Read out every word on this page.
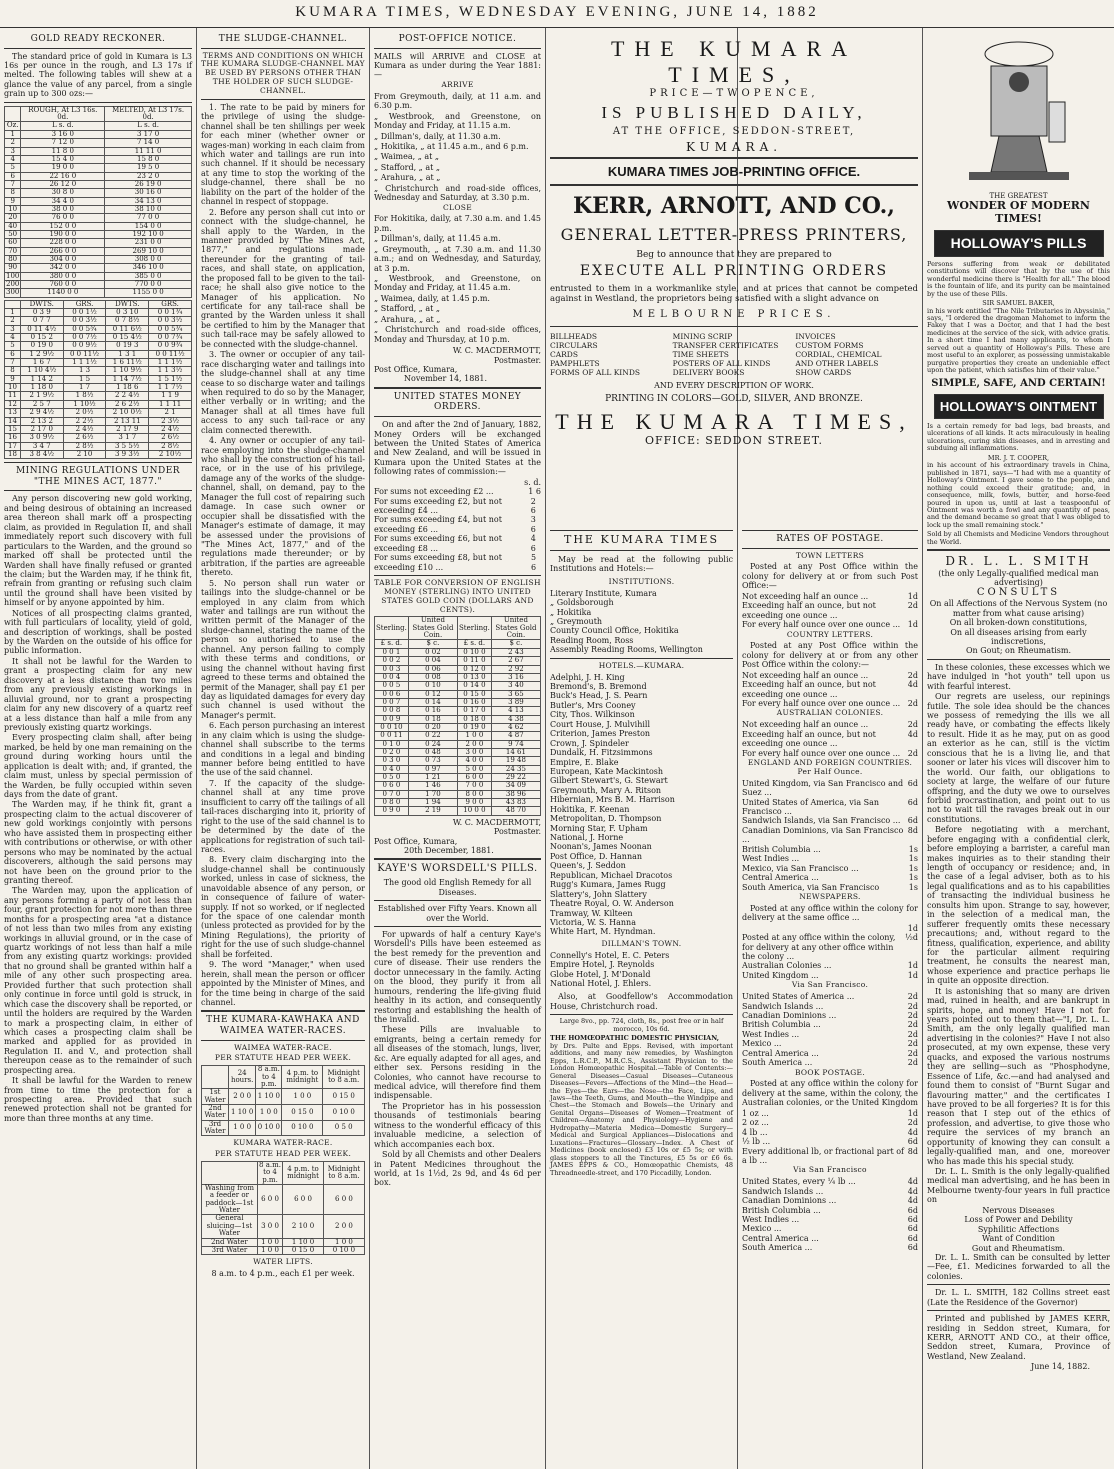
KUMARA TIMES, WEDNESDAY EVENING, JUNE 14, 1882
GOLD READY RECKONER.
The standard price of gold in Kumara is L3 16s per ounce in the rough, and L3 17s if melted. The following tables will shew at a glance the value of any parcel, from a single grain up to 300 ozs:—
	ROUGH, At L3 16s. 0d.	MELTED, At L3 17s. 0d.
Oz.	L s. d.	L s. d.
1	3 16 0	3 17 0
2	7 12 0	7 14 0
3	11 8 0	11 11 0
4	15 4 0	15 8 0
5	19 0 0	19 5 0
6	22 16 0	23 2 0
7	26 12 0	26 19 0
8	30 8 0	30 16 0
9	34 4 0	34 13 0
10	38 0 0	38 10 0
20	76 0 0	77 0 0
40	152 0 0	154 0 0
50	190 0 0	192 10 0
60	228 0 0	231 0 0
70	266 0 0	269 10 0
80	304 0 0	308 0 0
90	342 0 0	346 10 0
100	380 0 0	385 0 0
200	760 0 0	770 0 0
300	1140 0 0	1155 0 0
	DWTS.	GRS.	DWTS.	GRS.
1	0 3 9	0 0 1½	0 3 10	0 0 1¾
2	0 7 7	0 0 3½	0 7 8½	0 0 3½
3	0 11 4½	0 0 5¾	0 11 6½	0 0 5¾
4	0 15 2	0 0 7½	0 15 4½	0 0 7¾
5	0 19 0	0 0 9½	0 19 3	0 0 9¾
6	1 2 9½	0 0 11½	1 3 1	0 0 11½
7	1 6 7	1 1 1½	1 6 11½	1 1 1½
8	1 10 4½	1 3	1 10 9½	1 1 3½
9	1 14 2	1 5	1 14 7½	1 5 1½
10	1 18 0	1 7	1 18 6	1 1 7½
11	2 1 9½	1 8½	2 2 4½	1 1 9
12	2 5 7	1 10½	2 6 2½	1 1 11
13	2 9 4½	2 0½	2 10 0½	2 1
14	2 13 2	2 2½	2 13 11	2 3½
15	2 17 0	2 4½	2 17 9	2 4½
16	3 0 9½	2 6½	3 1 7	2 6½
17	3 4 7	2 8½	3 5 5½	2 8½
18	3 8 4½	2 10	3 9 3½	2 10½
MINING REGULATIONS UNDER "THE MINES ACT, 1877."
Any person discovering new gold working, and being desirous of obtaining an increased area thereon shall mark off a prospecting claim, as provided in Regulation II, and shall immediately report such discovery with full particulars to the Warden, and the ground so marked off shall be protected until the Warden shall have finally refused or granted the claim; but the Warden may, if he think fit, refrain from granting or refusing such claim until the ground shall have been visited by himself or by anyone appointed by him.
Notices of all prospecting claims granted, with full particulars of locality, yield of gold, and description of workings, shall be posted by the Warden on the outside of his office for public information.
It shall not be lawful for the Warden to grant a prospecting claim for any new discovery at a less distance than two miles from any previously existing workings in alluvial ground, nor to grant a prospecting claim for any new discovery of a quartz reef at a less distance than half a mile from any previously existing quartz workings.
Every prospecting claim shall, after being marked, be held by one man remaining on the ground during working hours until the application is dealt with; and, if granted, the claim must, unless by special permission of the Warden, be fully occupied within seven days from the date of grant.
The Warden may, if he think fit, grant a prospecting claim to the actual discoverer of new gold workings conjointly with persons who have assisted them in prospecting either with contributions or otherwise, or with other persons who may be nominated by the actual discoverers, although the said persons may not have been on the ground prior to the granting thereof.
The Warden may, upon the application of any persons forming a party of not less than four, grant protection for not more than three months for a prospecting area "at a distance of not less than two miles from any existing workings in alluvial ground, or in the case of quartz workings of not less than half a mile from any existing quartz workings: provided that no ground shall be granted within half a mile of any other such prospecting area. Provided further that such protection shall only continue in force until gold is struck, in which case the discovery shall be reported, or until the holders are required by the Warden to mark a prospecting claim, in either of which cases a prospecting claim shall be marked and applied for as provided in Regulation II. and V., and protection shall thereupon cease as to the remainder of such prospecting area.
It shall be lawful for the Warden to renew from time to time the protection for a prospecting area. Provided that such renewed protection shall not be granted for more than three months at any time.
THE SLUDGE-CHANNEL.
TERMS AND CONDITIONS ON WHICH THE KUMARA SLUDGE-CHANNEL MAY BE USED BY PERSONS OTHER THAN THE HOLDER OF SUCH SLUDGE-CHANNEL.
1. The rate to be paid by miners for the privilege of using the sludge-channel shall be ten shillings per week for each miner (whether owner or wages-man) working in each claim from which water and tailings are run into such channel. If it should be necessary at any time to stop the working of the sludge-channel, there shall be no liability on the part of the holder of the channel in respect of stoppage.
2. Before any person shall cut into or connect with the sludge-channel, he shall apply to the Warden, in the manner provided by "The Mines Act, 1877," and regulations made thereunder for the granting of tail-races, and shall state, on application, the proposed fall to be given to the tail-race; he shall also give notice to the Manager of his application. No certificate for any tail-race shall be granted by the Warden unless it shall be certified to him by the Manager that such tail-race may be safely allowed to be connected with the sludge-channel.
3. The owner or occupier of any tail-race discharging water and tailings into the sludge-channel shall at any time cease to so discharge water and tailings when required to do so by the Manager, either verbally or in writing; and the Manager shall at all times have full access to any such tail-race or any claim connected therewith.
4. Any owner or occupier of any tail-race employing into the sludge-channel who shall by the construction of his tail-race, or in the use of his privilege, damage any of the works of the sludge-channel, shall, on demand, pay to the Manager the full cost of repairing such damage. In case such owner or occupier shall be dissatisfied with the Manager's estimate of damage, it may be assessed under the provisions of "The Mines Act, 1877," and of the regulations made thereunder; or by arbitration, if the parties are agreeable thereto.
5. No person shall run water or tailings into the sludge-channel or be employed in any claim from which water and tailings are run without the written permit of the Manager of the sludge-channel, stating the name of the person so authorised to use the channel. Any person failing to comply with these terms and conditions, or using the channel without having first agreed to these terms and obtained the permit of the Manager, shall pay £1 per day as liquidated damages for every day such channel is used without the Manager's permit.
6. Each person purchasing an interest in any claim which is using the sludge-channel shall subscribe to the terms and conditions in a legal and binding manner before being entitled to have the use of the said channel.
7. If the capacity of the sludge-channel shall at any time prove insufficient to carry off the tailings of all tail-races discharging into it, priority of right to the use of the said channel is to be determined by the date of the applications for registration of such tail-races.
8. Every claim discharging into the sludge-channel shall be continuously worked, unless in case of sickness, the unavoidable absence of any person, or in consequence of failure of water-supply. If not so worked, or if neglected for the space of one calendar month (unless protected as provided for by the Mining Regulations), the priority of right for the use of such sludge-channel shall be forfeited.
9. The word "Manager," when used herein, shall mean the person or officer appointed by the Minister of Mines, and for the time being in charge of the said channel.
THE KUMARA-KAWHAKA AND WAIMEA WATER-RACES.
WAIMEA WATER-RACE.
PER STATUTE HEAD PER WEEK.
	24 hours.	8 a.m. to 4 p.m.	4 p.m. to midnight	Midnight to 8 a.m.
1st Water	2 0 0	1 10 0	1 0 0	0 15 0
2nd Water	1 10 0	1 0 0	0 15 0	0 10 0
3rd Water	1 0 0	0 10 0	0 10 0	0 5 0
KUMARA WATER-RACE.
PER STATUTE HEAD PER WEEK.
	8 a.m. to 4 p.m.	4 p.m. to midnight	Midnight to 8 a.m.
Washing from a feeder or paddock—1st Water	6 0 0	6 0 0	6 0 0
General sluicing—1st Water	3 0 0	2 10 0	2 0 0
2nd Water	1 0 0	1 10 0	1 0 0
3rd Water	1 0 0	0 15 0	0 10 0
WATER LIFTS.
8 a.m. to 4 p.m., each £1 per week.
POST-OFFICE NOTICE.
MAILS will ARRIVE and CLOSE at Kumara as under during the Year 1881:—
ARRIVE
From Greymouth, daily, at 11 a.m. and 6.30 p.m.
„ Westbrook, and Greenstone, on Monday and Friday, at 11.15 a.m.
„ Dillman's, daily, at 11.30 a.m.
„ Hokitika, „ at 11.45 a.m., and 6 p.m.
„ Waimea, „ at „
„ Stafford, „ at „
„ Arahura, „ at „
„ Christchurch and road-side offices, Wednesday and Saturday, at 3.30 p.m.
CLOSE
For Hokitika, daily, at 7.30 a.m. and 1.45 p.m.
„ Dillman's, daily, at 11.45 a.m.
„ Greymouth, „ at 7.30 a.m. and 11.30 a.m.; and on Wednesday, and Saturday, at 3 p.m.
„ Westbrook, and Greenstone, on Monday and Friday, at 11.45 a.m.
„ Waimea, daily, at 1.45 p.m.
„ Stafford, „ at „
„ Arahura, „ at „
„ Christchurch and road-side offices, Monday and Thursday, at 10 p.m.
W. C. MACDERMOTT,
Postmaster.
Post Office, Kumara,
November 14, 1881.
UNITED STATES MONEY ORDERS.
On and after the 2nd of January, 1882, Money Orders will be exchanged between the United States of America and New Zealand, and will be issued in Kumara upon the United States at the following rates of commission:—
s. d.
For sums not exceeding £2 ...	1 6
For sums exceeding £2, but not exceeding £4 ...
2 6
For sums exceeding £4, but not exceeding £6 ...
3 6
For sums exceeding £6, but not exceeding £8 ...
4 6
For sums exceeding £8, but not exceeding £10 ...
5 6
TABLE FOR CONVERSION OF ENGLISH MONEY (STERLING) INTO UNITED STATES GOLD COIN (DOLLARS AND CENTS).
Sterling.	United States Gold Coin.	Sterling.	United States Gold Coin.
£ s. d.	$ c.	£ s. d.	$ c.
0 0 1	0 02	0 10 0	2 43
0 0 2	0 04	0 11 0	2 67
0 0 3	0 06	0 12 0	2 92
0 0 4	0 08	0 13 0	3 16
0 0 5	0 10	0 14 0	3 40
0 0 6	0 12	0 15 0	3 65
0 0 7	0 14	0 16 0	3 89
0 0 8	0 16	0 17 0	4 13
0 0 9	0 18	0 18 0	4 38
0 0 10	0 20	0 19 0	4 62
0 0 11	0 22	1 0 0	4 87
0 1 0	0 24	2 0 0	9 74
0 2 0	0 48	3 0 0	14 61
0 3 0	0 73	4 0 0	19 48
0 4 0	0 97	5 0 0	24 35
0 5 0	1 21	6 0 0	29 22
0 6 0	1 46	7 0 0	34 09
0 7 0	1 70	8 0 0	38 96
0 8 0	1 94	9 0 0	43 83
0 9 0	2 19	10 0 0	48 70
W. C. MACDERMOTT,
Postmaster.
Post Office, Kumara,
20th December, 1881.
KAYE'S WORSDELL'S PILLS.
The good old English Remedy for all Diseases.
Established over Fifty Years. Known all over the World.
For upwards of half a century Kaye's Worsdell's Pills have been esteemed as the best remedy for the prevention and cure of disease. Their use renders the doctor unnecessary in the family. Acting on the blood, they purify it from all humours, rendering the life-giving fluid healthy in its action, and consequently restoring and establishing the health of the invalid.
These Pills are invaluable to emigrants, being a certain remedy for all diseases of the stomach, lungs, liver, &c. Are equally adapted for all ages, and either sex. Persons residing in the Colonies, who cannot have recourse to medical advice, will therefore find them indispensable.
The Proprietor has in his possession thousands of testimonials bearing witness to the wonderful efficacy of this invaluable medicine, a selection of which accompanies each box.
Sold by all Chemists and other Dealers in Patent Medicines throughout the world, at 1s 1½d, 2s 9d, and 4s 6d per box.
THE KUMARA TIMES,
PRICE—TWOPENCE,
IS PUBLISHED DAILY,
AT THE OFFICE, SEDDON-STREET,
KUMARA.
KUMARA TIMES JOB-PRINTING OFFICE.
KERR, ARNOTT, AND CO.,
GENERAL LETTER-PRESS PRINTERS,
Beg to announce that they are prepared to
EXECUTE ALL PRINTING ORDERS
entrusted to them in a workmanlike style, and at prices that cannot be competed against in Westland, the proprietors being satisfied with a slight advance on
MELBOURNE PRICES.
BILLHEADS	MINING SCRIP	INVOICES
CIRCULARS	TRANSFER CERTIFICATES	CUSTOM FORMS
CARDS	TIME SHEETS	CORDIAL, CHEMICAL
PAMPHLETS	POSTERS OF ALL KINDS	AND OTHER LABELS
FORMS OF ALL KINDS	DELIVERY BOOKS	SHOW CARDS
AND EVERY DESCRIPTION OF WORK.
PRINTING IN COLORS—GOLD, SILVER, AND BRONZE.
THE KUMARA TIMES,
OFFICE: SEDDON STREET.
THE KUMARA TIMES
May be read at the following public Institutions and Hotels:—
INSTITUTIONS.
Literary Institute, Kumara
„ Goldsborough
„ Hokitika
„ Greymouth
County Council Office, Hokitika
Reading Room, Ross
Assembly Reading Rooms, Wellington
HOTELS.—KUMARA.
Adelphi, J. H. King
Bremond's, B. Bremond
Buck's Head, J. S. Pearn
Butler's, Mrs Cooney
City, Thos. Wilkinson
Court House, J. Mulvihill
Criterion, James Preston
Crown, J. Spindeler
Dundalk, H. Fitzsimmons
Empire, E. Blake
European, Kate Mackintosh
Gilbert Stewart's, G. Stewart
Greymouth, Mary A. Ritson
Hibernian, Mrs B. M. Harrison
Hokitika, F. Keenan
Metropolitan, D. Thompson
Morning Star, F. Upham
National, J. Horne
Noonan's, James Noonan
Post Office, D. Hannan
Queen's, J. Seddon
Republican, Michael Dracotos
Rugg's Kumara, James Rugg
Slattery's, John Slattery
Theatre Royal, O. W. Anderson
Tramway, W. Kilteen
Victoria, W. S. Hanna
White Hart, M. Hyndman.
DILLMAN'S TOWN.
Connelly's Hotel, E. C. Peters
Empire Hotel, J. Reynolds
Globe Hotel, J. M'Donald
National Hotel, J. Ehlers.
Also, at Goodfellow's Accommodation House, Christchurch road.
Large 8vo., pp. 724, cloth, 8s., post free or in half morocco, 10s 6d.
THE HOMŒOPATHIC DOMESTIC PHYSICIAN,
by Drs. Pulte and Epps. Revised, with important additions, and many new remedies, by Washington Epps, L.R.C.P., M.R.C.S., Assistant Physician to the London Homœopathic Hospital.—Table of Contents:—General Diseases—Casual Diseases—Cutaneous Diseases—Fevers—Affections of the Mind—the Head—the Eyes—the Ears—the Nose—the Face, Lips, and Jaws—the Teeth, Gums, and Mouth—the Windpipe and Chest—the Stomach and Bowels—the Urinary and Genital Organs—Diseases of Women—Treatment of Children—Anatomy and Physiology—Hygiene and Hydropathy—Materia Medica—Domestic Surgery—Medical and Surgical Appliances—Dislocations and Luxations—Fractures—Glossary—Index. A Chest of Medicines (book enclosed) £3 10s or £5 5s; or with glass stoppers to all the Tinctures, £5 5s or £6 6s. JAMES EPPS & CO., Homœopathic Chemists, 48 Threadneedle-street, and 170 Piccadilly, London.
RATES OF POSTAGE.
TOWN LETTERS
Posted at any Post Office within the colony for delivery at or from such Post Office:—
Not exceeding half an ounce ...	1d
Exceeding half an ounce, but not exceeding one ounce ...
2d
For every half ounce over one ounce ... 1d
COUNTRY LETTERS.
Posted at any Post Office within the colony for delivery at or from any other Post Office within the colony:—
Not exceeding half an ounce ...	2d
Exceeding half an ounce, but not exceeding one ounce ...
4d
For every half ounce over one ounce ... 2d
AUSTRALIAN COLONIES.
Not exceeding half an ounce ...	2d
Exceeding half an ounce, but not exceeding one ounce ...
4d
For every half ounce over one ounce ... 2d
ENGLAND AND FOREIGN COUNTRIES. Per Half Ounce.
United Kingdom, via San Francisco and Suez ...
6d
United States of America, via San Francisco ...
6d
Sandwich Islands, via San Francisco ... 6d
Canadian Dominions, via San Francisco ...
8d
British Columbia ...	1s
West Indies ...	1s
Mexico, via San Francisco ...	1s
Central America ...	1s
South America, via San Francisco	1s
NEWSPAPERS.
Posted at any office within the colony for delivery at the same office ...
1d
Posted at any office within the colony, for delivery at any other office within the colony ...
½d
Australian Colonies ...	1d
United Kingdom ...	1d
Via San Francisco.
United States of America ...	2d
Sandwich Islands ...	2d
Canadian Dominions ...	2d
British Columbia ...	2d
West Indies ...	2d
Mexico ...	2d
Central America ...	2d
South America ...	2d
BOOK POSTAGE.
Posted at any office within the colony for delivery at the same, within the colony, the Australian colonies, or the United Kingdom
1 oz ...	1d
2 oz ...	2d
4 lb ...	4d
½ lb ...	6d
Every additional lb, or fractional part of a lb ...
8d
Via San Francisco
United States, every ¼ lb ...	4d
Sandwich Islands ...	4d
Canadian Dominions ...	4d
British Columbia ...	6d
West Indies ...	6d
Mexico ...	6d
Central America ...	6d
South America ...	6d
THE GREATEST
WONDER OF MODERN TIMES!
HOLLOWAY'S PILLS
Persons suffering from weak or debilitated constitutions will discover that by the use of this wonderful medicine there is "Health for all." The blood is the fountain of life, and its purity can be maintained by the use of these Pills.
SIR SAMUEL BAKER,
in his work entitled "The Nile Tributaries in Abyssinia," says, "I ordered the dragoman Mahomet to inform the Fakey that I was a Doctor, and that I had the best medicines at the service of the sick, with advice gratis. In a short time I had many applicants, to whom I served out a quantity of Holloway's Pills. These are most useful to an explorer, as possessing unmistakable purgative properties they create an undeniable effect upon the patient, which satisfies him of their value."
SIMPLE, SAFE, AND CERTAIN!
HOLLOWAY'S OINTMENT
Is a certain remedy for bad legs, bad breasts, and ulcerations of all kinds. It acts miraculously in healing ulcerations, curing skin diseases, and in arresting and subduing all inflammations.
MR. J. T. COOPER,
in his account of his extraordinary travels in China, published in 1871, says—"I had with me a quantity of Holloway's Ointment. I gave some to the people, and nothing could exceed their gratitude; and, in consequence, milk, fowls, butter, and horse-feed poured in upon us, until at last a teaspoonful of Ointment was worth a fowl and any quantity of peas, and the demand became so great that I was obliged to lock up the small remaining stock."
Sold by all Chemists and Medicine Vendors throughout the World.
DR. L. L. SMITH
(the only Legally-qualified medical man advertising)
CONSULTS
On all Affections of the Nervous System (no matter from what cause arising)
On all broken-down constitutions,
On all diseases arising from early indiscretions,
On Gout; on Rheumatism.
In these colonies, these excesses which we have indulged in "hot youth" tell upon us with fearful interest.
Our regrets are useless, our repinings futile. The sole idea should be the chances we possess of remedying the ills we all ready have, or combating the effects likely to result. Hide it as he may, put on as good an exterior as he can, still is the victim conscious that he is a living lie, and that sooner or later his vices will discover him to the world. Our faith, our obligations to society at large, the welfare of our future offspring, and the duty we owe to ourselves forbid procrastination, and point out to us not to wait till the ravages break out in our constitutions.
Before negotiating with a merchant, before engaging with a confidential clerk, before employing a barrister, a careful man makes inquiries as to their standing their length of occupancy or residence; and, in the case of a legal adviser, both as to his legal qualifications and as to his capabilities of transacting the individual business he consults him upon. Strange to say, however, in the selection of a medical man, the sufferer frequently omits these necessary precautions; and, without regard to the fitness, qualification, experience, and ability for the particular ailment requiring treatment, he consults the nearest man, whose experience and practice perhaps lie in quite an opposite direction.
It is astonishing that so many are driven mad, ruined in health, and are bankrupt in spirits, hope, and money! Have I not for years pointed out to them that—"I, Dr. L. L. Smith, am the only legally qualified man advertising in the colonies?" Have I not also prosecuted, at my own expense, these very quacks, and exposed the various nostrums they are selling—such as "Phosphodyne, Essence of Life, &c.—and had analysed and found them to consist of "Burnt Sugar and flavouring matter," and the certificates I have proved to be all forgeries? It is for this reason that I step out of the ethics of profession, and advertise, to give those who require the services of my branch an opportunity of knowing they can consult a legally-qualified man, and one, moreover who has made this his special study.
Dr. L. L. Smith is the only legally-qualified medical man advertising, and he has been in Melbourne twenty-four years in full practice on
Nervous Diseases
Loss of Power and Debility
Syphilitic Affections
Want of Condition
Gout and Rheumatism.
Dr. L. L. Smith can be consulted by letter—Fee, £1. Medicines forwarded to all the colonies.
Dr. L. L. SMITH, 182 Collins street east (Late the Residence of the Governor)
Printed and published by JAMES KERR, residing in Seddon street, Kumara, for KERR, ARNOTT AND CO., at their office, Seddon street, Kumara, Province of Westland, New Zealand.
June 14, 1882.
